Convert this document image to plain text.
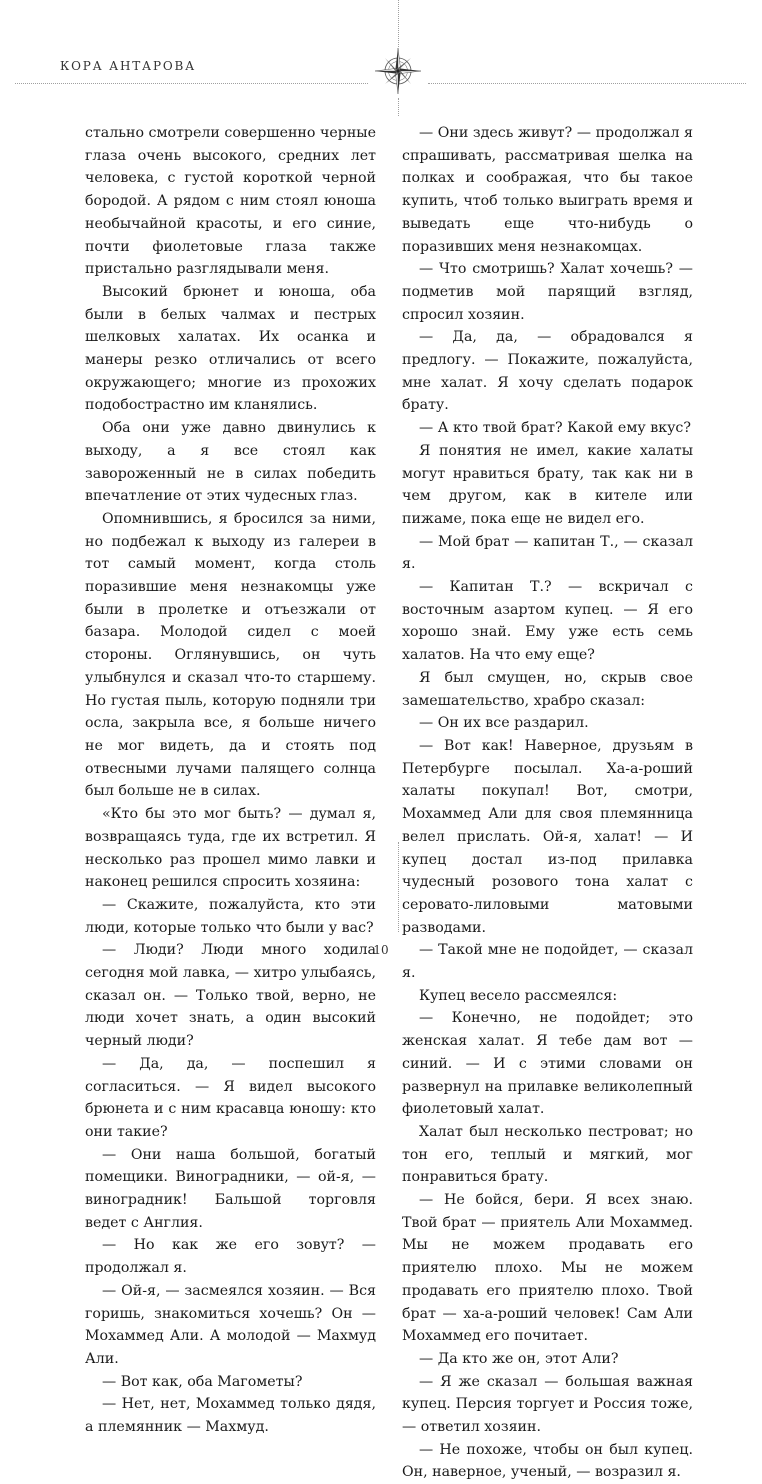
КОРА АНТАРОВА

стально смотрели совершенно черные глаза очень высокого, средних лет человека, с густой короткой черной бородой. А рядом с ним стоял юноша необычайной красоты, и его синие, почти фиолетовые глаза также пристально разглядывали меня.

Высокий брюнет и юноша, оба были в белых чалмах и пестрых шелковых халатах. Их осанка и манеры резко отличались от всего окружающего; многие из прохожих подобострастно им кланялись.

Оба они уже давно двинулись к выходу, а я все стоял как завороженный не в силах победить впечатление от этих чудесных глаз.

Опомнившись, я бросился за ними, но подбежал к выходу из галереи в тот самый момент, когда столь поразившие меня незнакомцы уже были в пролетке и отъезжали от базара. Молодой сидел с моей стороны. Оглянувшись, он чуть улыбнулся и сказал что-то старшему. Но густая пыль, которую подняли три осла, закрыла все, я больше ничего не мог видеть, да и стоять под отвесными лучами палящего солнца был больше не в силах.

«Кто бы это мог быть? — думал я, возвращаясь туда, где их встретил. Я несколько раз прошел мимо лавки и наконец решился спросить хозяина:

— Скажите, пожалуйста, кто эти люди, которые только что были у вас?

— Люди? Люди много ходила сегодня мой лавка, — хитро улыбаясь, сказал он. — Только твой, верно, не люди хочет знать, а один высокий черный люди?

— Да, да, — поспешил я согласиться. — Я видел высокого брюнета и с ним красавца юношу: кто они такие?

— Они наша большой, богатый помещики. Виноградники, — ой-я, — виноградник! Бальшой торговля ведет с Англия.

— Но как же его зовут? — продолжал я.

— Ой-я, — засмеялся хозяин. — Вся горишь, знакомиться хочешь? Он — Мохаммед Али. А молодой — Махмуд Али.

— Вот как, оба Магометы?

— Нет, нет, Мохаммед только дядя, а племянник — Махмуд.

— Они здесь живут? — продолжал я спрашивать, рассматривая шелка на полках и соображая, что бы такое купить, чтоб только выиграть время и выведать еще что-нибудь о поразивших меня незнакомцах.

— Что смотришь? Халат хочешь? — подметив мой парящий взгляд, спросил хозяин.

— Да, да, — обрадовался я предлогу. — Покажите, пожалуйста, мне халат. Я хочу сделать подарок брату.

— А кто твой брат? Какой ему вкус?

Я понятия не имел, какие халаты могут нравиться брату, так как ни в чем другом, как в кителе или пижаме, пока еще не видел его.

— Мой брат — капитан Т., — сказал я.

— Капитан Т.? — вскричал с восточным азартом купец. — Я его хорошо знай. Ему уже есть семь халатов. На что ему еще?

Я был смущен, но, скрыв свое замешательство, храбро сказал:

— Он их все раздарил.

— Вот как! Наверное, друзьям в Петербурге посылал. Ха-а-роший халаты покупал! Вот, смотри, Мохаммед Али для своя племянница велел прислать. Ой-я, халат! — И купец достал из-под прилавка чудесный розового тона халат с серовато-лиловыми матовыми разводами.

— Такой мне не подойдет, — сказал я.

Купец весело рассмеялся:

— Конечно, не подойдет; это женская халат. Я тебе дам вот — синий. — И с этими словами он развернул на прилавке великолепный фиолетовый халат.

Халат был несколько пестроват; но тон его, теплый и мягкий, мог понравиться брату.

— Не бойся, бери. Я всех знаю. Твой брат — приятель Али Мохаммед. Мы не можем продавать его приятелю плохо. Мы не можем продавать его приятелю плохо. Твой брат — ха-а-роший человек! Сам Али Мохаммед его почитает.

— Да кто же он, этот Али?

— Я же сказал — большая важная купец. Персия торгует и Россия тоже, — ответил хозяин.

— Не похоже, чтобы он был купец. Он, наверное, ученый, — возразил я.

10
